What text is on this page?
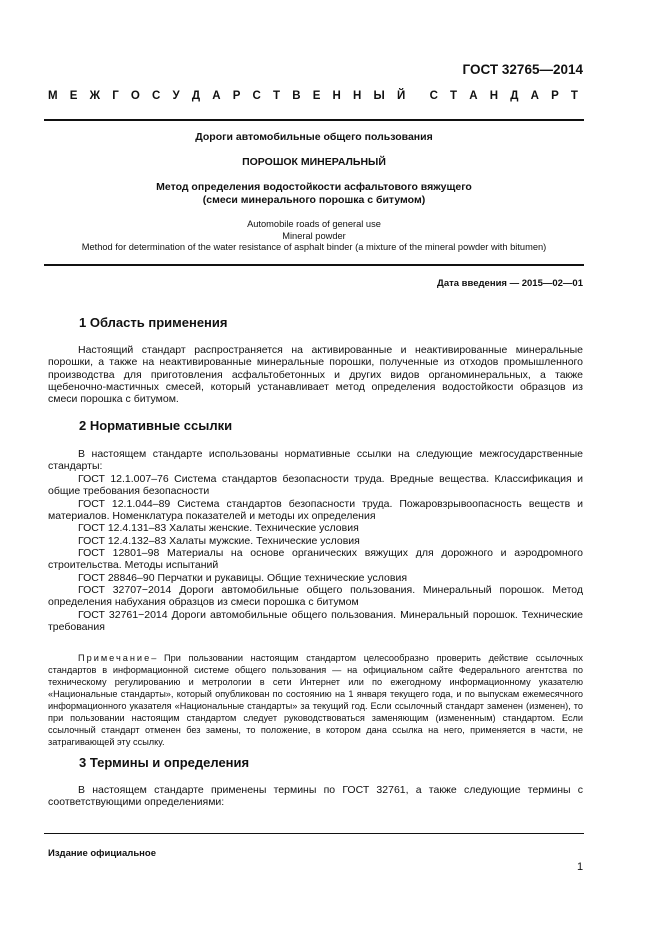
ГОСТ 32765—2014
М Е Ж Г О С У Д А Р С Т В Е Н Н Ы Й С Т А Н Д А Р Т
Дороги автомобильные общего пользования
ПОРОШОК МИНЕРАЛЬНЫЙ
Метод определения водостойкости асфальтового вяжущего
(смеси минерального порошка с битумом)
Automobile roads of general use
Mineral powder
Method for determination of the water resistance of asphalt binder (a mixture of the mineral powder with bitumen)
Дата введения — 2015—02—01
1 Область применения
Настоящий стандарт распространяется на активированные и неактивированные минеральные порошки, а также на неактивированные минеральные порошки, полученные из отходов промышленного производства для приготовления асфальтобетонных и других видов органоминеральных, а также щебеночно-мастичных смесей, который устанавливает метод определения водостойкости образцов из смеси порошка с битумом.
2 Нормативные ссылки
В настоящем стандарте использованы нормативные ссылки на следующие межгосударственные стандарты:
ГОСТ 12.1.007–76 Система стандартов безопасности труда. Вредные вещества. Классификация и общие требования безопасности
ГОСТ 12.1.044–89 Система стандартов безопасности труда. Пожаровзрывоопасность веществ и материалов. Номенклатура показателей и методы их определения
ГОСТ 12.4.131–83 Халаты женские. Технические условия
ГОСТ 12.4.132–83 Халаты мужские. Технические условия
ГОСТ 12801–98 Материалы на основе органических вяжущих для дорожного и аэродромного строительства. Методы испытаний
ГОСТ 28846–90 Перчатки и рукавицы. Общие технические условия
ГОСТ 32707−2014 Дороги автомобильные общего пользования. Минеральный порошок. Метод определения набухания образцов из смеси порошка с битумом
ГОСТ 32761−2014 Дороги автомобильные общего пользования. Минеральный порошок. Технические требования
Примечание– При пользовании настоящим стандартом целесообразно проверить действие ссылочных стандартов в информационной системе общего пользования — на официальном сайте Федерального агентства по техническому регулированию и метрологии в сети Интернет или по ежегодному информационному указателю «Национальные стандарты», который опубликован по состоянию на 1 января текущего года, и по выпускам ежемесячного информационного указателя «Национальные стандарты» за текущий год. Если ссылочный стандарт заменен (изменен), то при пользовании настоящим стандартом следует руководствоваться заменяющим (измененным) стандартом. Если ссылочный стандарт отменен без замены, то положение, в котором дана ссылка на него, применяется в части, не затрагивающей эту ссылку.
3 Термины и определения
В настоящем стандарте применены термины по ГОСТ 32761, а также следующие термины с соответствующими определениями:
Издание официальное
1
